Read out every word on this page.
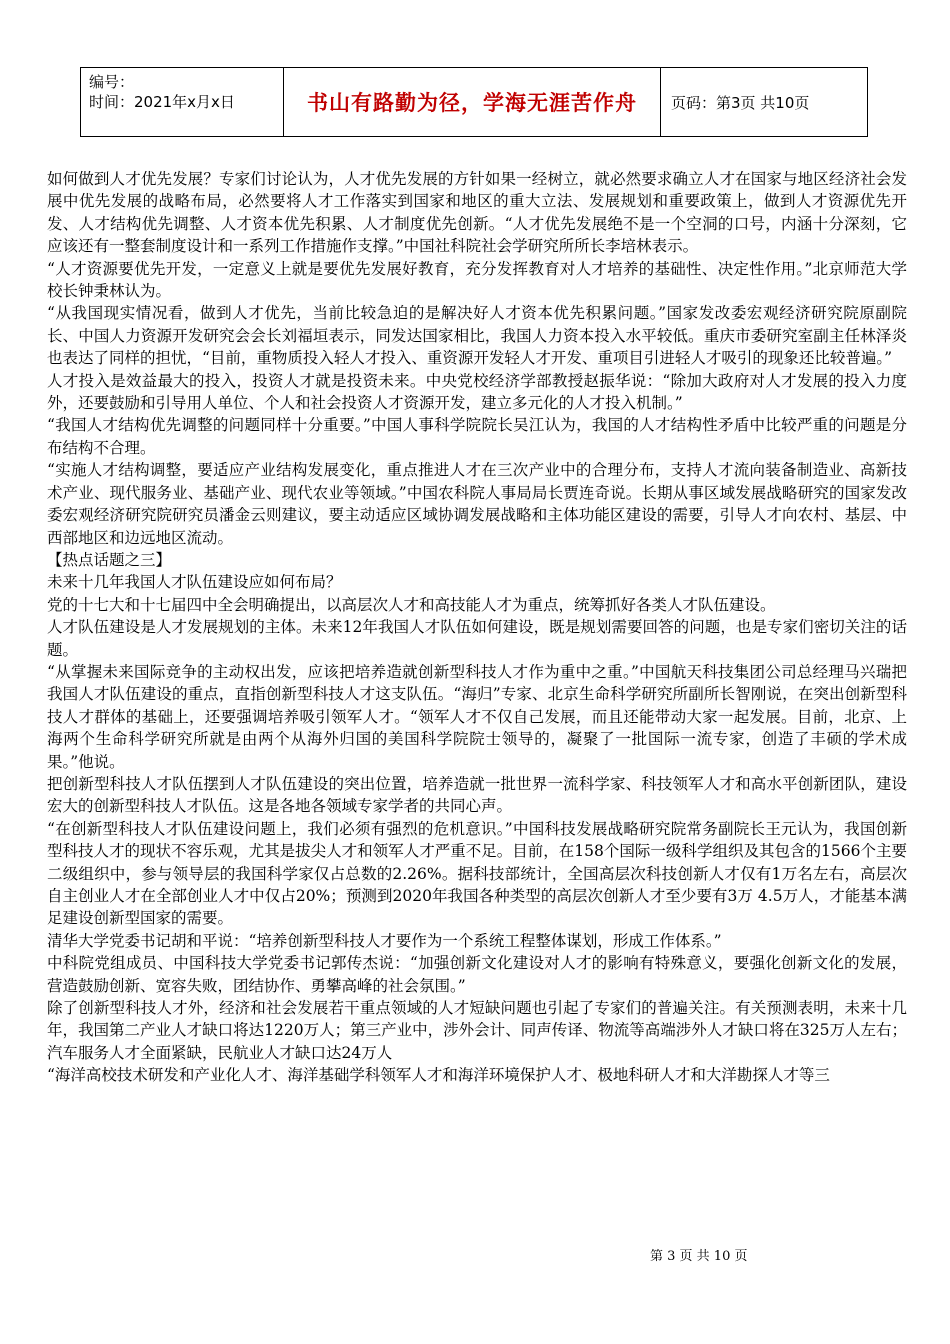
编号：
时间：2021年x月x日	书山有路勤为径，学海无涯苦作舟 页码：第3页 共10页

如何做到人才优先发展？专家们讨论认为，人才优先发展的方针如果一经树立，就必然要求确立人才在国家与地区经济社会发展中优先发展的战略布局，必然要将人才工作落实到国家和地区的重大立法、发展规划和重要政策上，做到人才资源优先开发、人才结构优先调整、人才资本优先积累、人才制度优先创新。“人才优先发展绝不是一个空洞的口号，内涵十分深刻，它应该还有一整套制度设计和一系列工作措施作支撑。”中国社科院社会学研究所所长李培林表示。

“人才资源要优先开发，一定意义上就是要优先发展好教育，充分发挥教育对人才培养的基础性、决定性作用。”北京师范大学校长钟秉林认为。

“从我国现实情况看，做到人才优先，当前比较急迫的是解决好人才资本优先积累问题。”国家发改委宏观经济研究院原副院长、中国人力资源开发研究会会长刘福垣表示，同发达国家相比，我国人力资本投入水平较低。重庆市委研究室副主任林泽炎也表达了同样的担忧，“目前，重物质投入轻人才投入、重资源开发轻人才开发、重项目引进轻人才吸引的现象还比较普遍。”

人才投入是效益最大的投入，投资人才就是投资未来。中央党校经济学部教授赵振华说：“除加大政府对人才发展的投入力度外，还要鼓励和引导用人单位、个人和社会投资人才资源开发，建立多元化的人才投入机制。”

“我国人才结构优先调整的问题同样十分重要。”中国人事科学院院长吴江认为，我国的人才结构性矛盾中比较严重的问题是分布结构不合理。

“实施人才结构调整，要适应产业结构发展变化，重点推进人才在三次产业中的合理分布，支持人才流向装备制造业、高新技术产业、现代服务业、基础产业、现代农业等领域。”中国农科院人事局局长贾连奇说。长期从事区域发展战略研究的国家发改委宏观经济研究院研究员潘金云则建议，要主动适应区域协调发展战略和主体功能区建设的需要，引导人才向农村、基层、中西部地区和边远地区流动。

【热点话题之三】

未来十几年我国人才队伍建设应如何布局？

党的十七大和十七届四中全会明确提出，以高层次人才和高技能人才为重点，统筹抓好各类人才队伍建设。

人才队伍建设是人才发展规划的主体。未来12年我国人才队伍如何建设，既是规划需要回答的问题，也是专家们密切关注的话题。

“从掌握未来国际竞争的主动权出发，应该把培养造就创新型科技人才作为重中之重。”中国航天科技集团公司总经理马兴瑞把我国人才队伍建设的重点，直指创新型科技人才这支队伍。“海归”专家、北京生命科学研究所副所长智刚说，在突出创新型科技人才群体的基础上，还要强调培养吸引领军人才。“领军人才不仅自己发展，而且还能带动大家一起发展。目前，北京、上海两个生命科学研究所就是由两个从海外归国的美国科学院院士领导的，凝聚了一批国际一流专家，创造了丰硕的学术成果。”他说。

把创新型科技人才队伍摆到人才队伍建设的突出位置，培养造就一批世界一流科学家、科技领军人才和高水平创新团队，建设宏大的创新型科技人才队伍。这是各地各领域专家学者的共同心声。

“在创新型科技人才队伍建设问题上，我们必须有强烈的危机意识。”中国科技发展战略研究院常务副院长王元认为，我国创新型科技人才的现状不容乐观，尤其是拔尖人才和领军人才严重不足。目前，在158个国际一级科学组织及其包含的1566个主要二级组织中，参与领导层的我国科学家仅占总数的2.26%。据科技部统计，全国高层次科技创新人才仅有1万名左右，高层次自主创业人才在全部创业人才中仅占20%；预测到2020年我国各种类型的高层次创新人才至少要有3万 4.5万人，才能基本满足建设创新型国家的需要。

清华大学党委书记胡和平说：“培养创新型科技人才要作为一个系统工程整体谋划，形成工作体系。”

中科院党组成员、中国科技大学党委书记郭传杰说：“加强创新文化建设对人才的影响有特殊意义，要强化创新文化的发展，营造鼓励创新、宽容失败，团结协作、勇攀高峰的社会氛围。”

除了创新型科技人才外，经济和社会发展若干重点领域的人才短缺问题也引起了专家们的普遍关注。有关预测表明，未来十几年，我国第二产业人才缺口将达1220万人；第三产业中，涉外会计、同声传译、物流等高端涉外人才缺口将在325万人左右；汽车服务人才全面紧缺，民航业人才缺口达24万人

“海洋高校技术研发和产业化人才、海洋基础学科领军人才和海洋环境保护人才、极地科研人才和大洋勘探人才等三

第 3 页 共 10 页
